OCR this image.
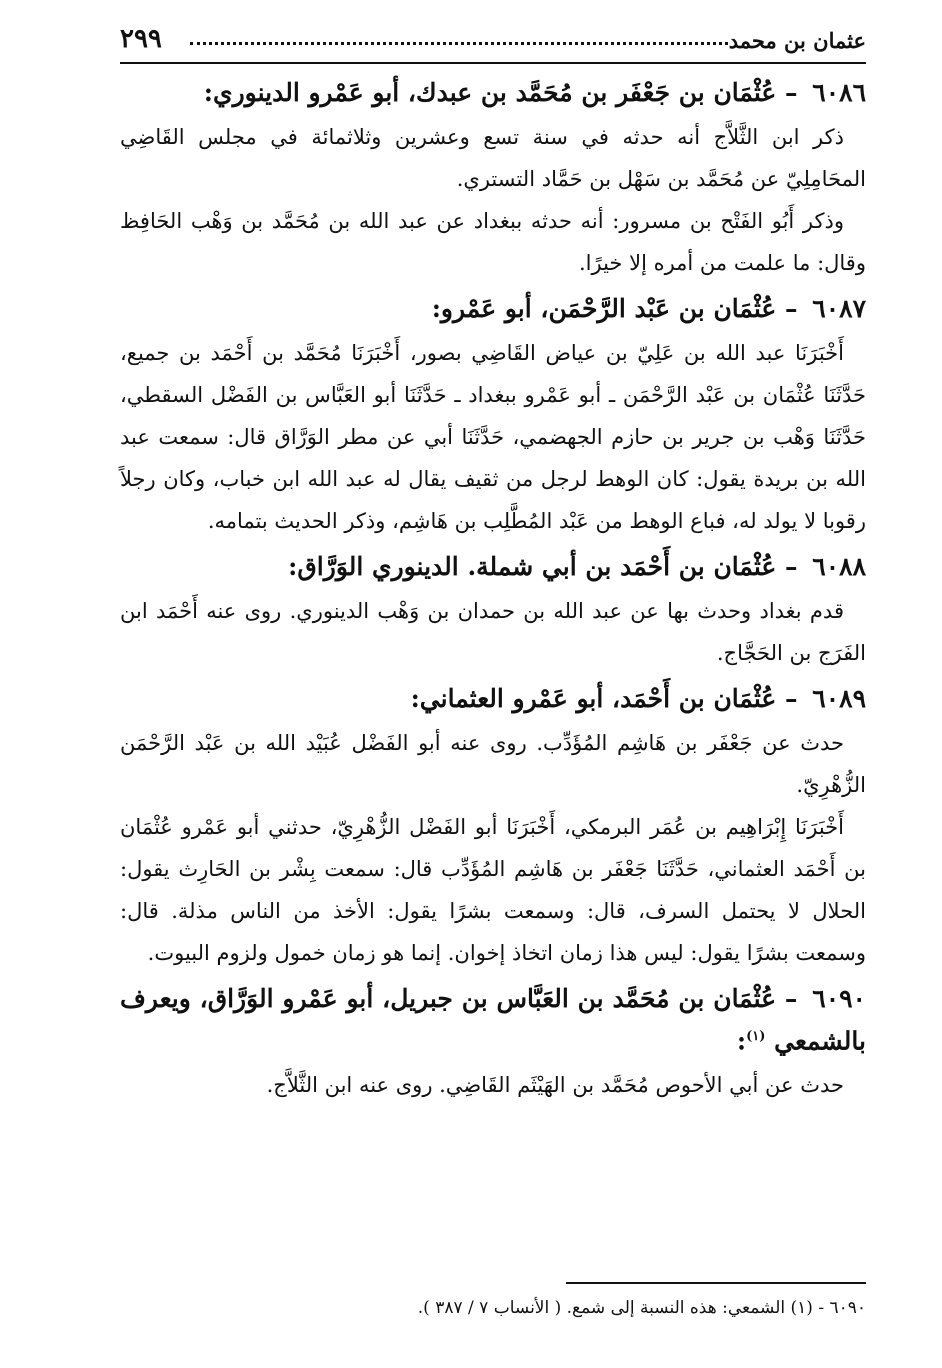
عثمان بن محمد
٢٩٩
٦٠٨٦ – عُثْمَان بن جَعْفَر بن مُحَمَّد بن عبدك، أبو عَمْرو الدينوري:

ذكر ابن الثَّلاَّج أنه حدثه في سنة تسع وعشرين وثلاثمائة في مجلس القَاضِي المحَامِلِيّ عن مُحَمَّد بن سَهْل بن حَمَّاد التستري.

وذكر أَبُو الفَتْح بن مسرور: أنه حدثه ببغداد عن عبد الله بن مُحَمَّد بن وَهْب الحَافِظ وقال: ما علمت من أمره إلا خيرًا.

٦٠٨٧ – عُثْمَان بن عَبْد الرَّحْمَن، أبو عَمْرو:

أَخْبَرَنَا عبد الله بن عَلِيّ بن عياض القَاضِي بصور، أَخْبَرَنَا مُحَمَّد بن أَحْمَد بن جميع، حَدَّثَنَا عُثْمَان بن عَبْد الرَّحْمَن ـ أبو عَمْرو ببغداد ـ حَدَّثَنَا أبو العَبَّاس بن الفَضْل السقطي، حَدَّثَنَا وَهْب بن جرير بن حازم الجهضمي، حَدَّثَنَا أبي عن مطر الوَرَّاق قال: سمعت عبد الله بن بريدة يقول: كان الوهط لرجل من ثقيف يقال له عبد الله ابن خباب، وكان رجلاً رقوبا لا يولد له، فباع الوهط من عَبْد المُطَّلِب بن هَاشِم، وذكر الحديث بتمامه.

٦٠٨٨ – عُثْمَان بن أَحْمَد بن أبي شملة. الدينوري الوَرَّاق:

قدم بغداد وحدث بها عن عبد الله بن حمدان بن وَهْب الدينوري. روى عنه أَحْمَد ابن الفَرَج بن الحَجَّاج.

٦٠٨٩ – عُثْمَان بن أَحْمَد، أبو عَمْرو العثماني:

حدث عن جَعْفَر بن هَاشِم المُؤَدِّب. روى عنه أبو الفَضْل عُبَيْد الله بن عَبْد الرَّحْمَن الزُّهْرِيّ.

أَخْبَرَنَا إِبْرَاهِيم بن عُمَر البرمكي، أَخْبَرَنَا أبو الفَضْل الزُّهْرِيّ، حدثني أبو عَمْرو عُثْمَان بن أَحْمَد العثماني، حَدَّثَنَا جَعْفَر بن هَاشِم المُؤَدِّب قال: سمعت بِشْر بن الحَارِث يقول: الحلال لا يحتمل السرف، قال: وسمعت بشرًا يقول: الأخذ من الناس مذلة. قال: وسمعت بشرًا يقول: ليس هذا زمان اتخاذ إخوان. إنما هو زمان خمول ولزوم البيوت.

٦٠٩٠ – عُثْمَان بن مُحَمَّد بن العَبَّاس بن جبريل، أبو عَمْرو الوَرَّاق، ويعرف بالشمعي $^{(١)}$:

حدث عن أبي الأحوص مُحَمَّد بن الهَيْثَم القَاضِي. روى عنه ابن الثَّلاَّج.

٦٠٩٠ - (١) الشمعي: هذه النسبة إلى شمع. ( الأنساب ٧ / ٣٨٧ ).
